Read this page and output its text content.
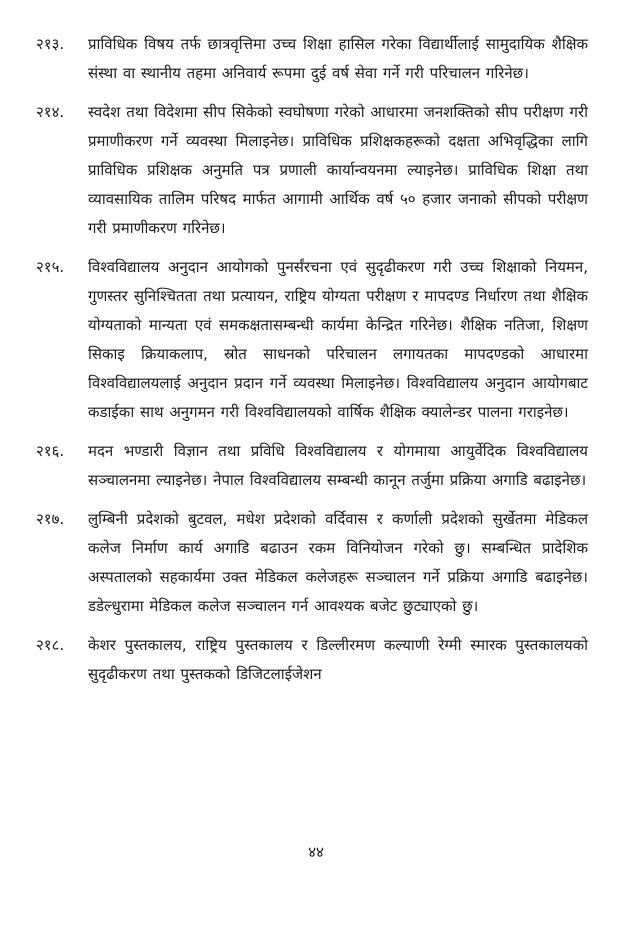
२१३.	प्राविधिक विषय तर्फ छात्रवृत्तिमा उच्च शिक्षा हासिल गरेका विद्यार्थीलाई सामुदायिक शैक्षिक संस्था वा स्थानीय तहमा अनिवार्य रूपमा दुई वर्ष सेवा गर्ने गरी परिचालन गरिनेछ।
२१४.	स्वदेश तथा विदेशमा सीप सिकेको स्वघोषणा गरेको आधारमा जनशक्तिको सीप परीक्षण गरी प्रमाणीकरण गर्ने व्यवस्था मिलाइनेछ। प्राविधिक प्रशिक्षकहरूको दक्षता अभिवृद्धिका लागि प्राविधिक प्रशिक्षक अनुमति पत्र प्रणाली कार्यान्वयनमा ल्याइनेछ। प्राविधिक शिक्षा तथा व्यावसायिक तालिम परिषद मार्फत आगामी आर्थिक वर्ष ५० हजार जनाको सीपको परीक्षण गरी प्रमाणीकरण गरिनेछ।
२१५.	विश्वविद्यालय अनुदान आयोगको पुनर्संरचना एवं सुदृढीकरण गरी उच्च शिक्षाको नियमन, गुणस्तर सुनिश्चितता तथा प्रत्यायन, राष्ट्रिय योग्यता परीक्षण र मापदण्ड निर्धारण तथा शैक्षिक योग्यताको मान्यता एवं समकक्षतासम्बन्धी कार्यमा केन्द्रित गरिनेछ। शैक्षिक नतिजा, शिक्षण सिकाइ क्रियाकलाप, स्रोत साधनको परिचालन लगायतका मापदण्डको आधारमा विश्वविद्यालयलाई अनुदान प्रदान गर्ने व्यवस्था मिलाइनेछ। विश्वविद्यालय अनुदान आयोगबाट कडाईका साथ अनुगमन गरी विश्वविद्यालयको वार्षिक शैक्षिक क्यालेन्डर पालना गराइनेछ।
२१६.	मदन भण्डारी विज्ञान तथा प्रविधि विश्वविद्यालय र योगमाया आयुर्वेदिक विश्वविद्यालय सञ्चालनमा ल्याइनेछ। नेपाल विश्वविद्यालय सम्बन्धी कानून तर्जुमा प्रक्रिया अगाडि बढाइनेछ।
२१७.	लुम्बिनी प्रदेशको बुटवल, मधेश प्रदेशको वर्दिवास र कर्णाली प्रदेशको सुर्खेतमा मेडिकल कलेज निर्माण कार्य अगाडि बढाउन रकम विनियोजन गरेको छु। सम्बन्धित प्रादेशिक अस्पतालको सहकार्यमा उक्त मेडिकल कलेजहरू सञ्चालन गर्ने प्रक्रिया अगाडि बढाइनेछ। डडेल्धुरामा मेडिकल कलेज सञ्चालन गर्न आवश्यक बजेट छुट्याएको छु।
२१८.	केशर पुस्तकालय, राष्ट्रिय पुस्तकालय र डिल्लीरमण कल्याणी रेग्मी स्मारक पुस्तकालयको सुदृढीकरण तथा पुस्तकको डिजिटलाईजेशन
४४
